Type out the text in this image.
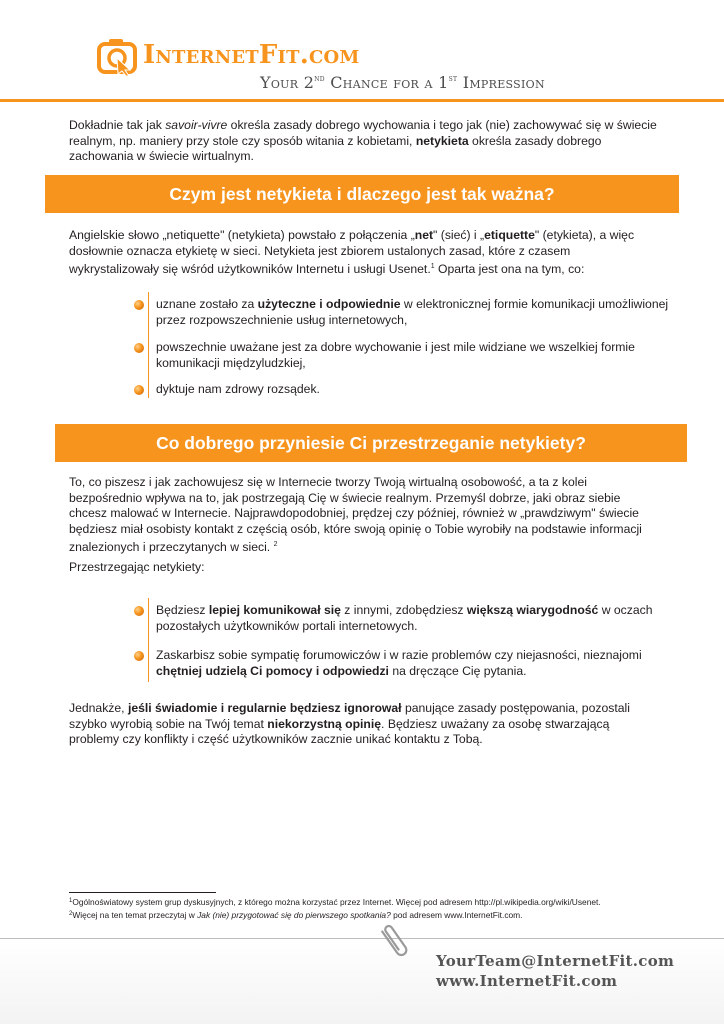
InternetFit.com
Your 2nd Chance for a 1st Impression

Dokładnie tak jak savoir-vivre określa zasady dobrego wychowania i tego jak (nie) zachowywać się w świecie realnym, np. maniery przy stole czy sposób witania z kobietami, netykieta określa zasady dobrego zachowania w świecie wirtualnym.

Czym jest netykieta i dlaczego jest tak ważna?

Angielskie słowo „netiquette" (netykieta) powstało z połączenia „net" (sieć) i „etiquette" (etykieta), a więc dosłownie oznacza etykietę w sieci. Netykieta jest zbiorem ustalonych zasad, które z czasem wykrystalizowały się wśród użytkowników Internetu i usługi Usenet.$^1$ Oparta jest ona na tym, co:

uznane zostało za użyteczne i odpowiednie w elektronicznej formie komunikacji umożliwionej przez rozpowszechnienie usług internetowych,
powszechnie uważane jest za dobre wychowanie i jest mile widziane we wszelkiej formie komunikacji międzyludzkiej,
dyktuje nam zdrowy rozsądek.
Co dobrego przyniesie Ci przestrzeganie netykiety?

To, co piszesz i jak zachowujesz się w Internecie tworzy Twoją wirtualną osobowość, a ta z kolei bezpośrednio wpływa na to, jak postrzegają Cię w świecie realnym. Przemyśl dobrze, jaki obraz siebie chcesz malować w Internecie. Najprawdopodobniej, prędzej czy później, również w „prawdziwym" świecie będziesz miał osobisty kontakt z częścią osób, które swoją opinię o Tobie wyrobiły na podstawie informacji znalezionych i przeczytanych w sieci. $^2$

Przestrzegając netykiety:

Będziesz lepiej komunikował się z innymi, zdobędziesz większą wiarygodność w oczach pozostałych użytkowników portali internetowych.
Zaskarbisz sobie sympatię forumowiczów i w razie problemów czy niejasności, nieznajomi chętniej udzielą Ci pomocy i odpowiedzi na dręczące Cię pytania.

Jednakże, jeśli świadomie i regularnie będziesz ignorował panujące zasady postępowania, pozostali szybko wyrobią sobie na Twój temat niekorzystną opinię. Będziesz uważany za osobę stwarzającą problemy czy konflikty i część użytkowników zacznie unikać kontaktu z Tobą.

$^1$Ogólnoświatowy system grup dyskusyjnych, z którego można korzystać przez Internet. Więcej pod adresem http://pl.wikipedia.org/wiki/Usenet.
$^2$Więcej na ten temat przeczytaj w Jak (nie) przygotować się do pierwszego spotkania? pod adresem www.InternetFit.com.
YourTeam@InternetFit.com
www.InternetFit.com
